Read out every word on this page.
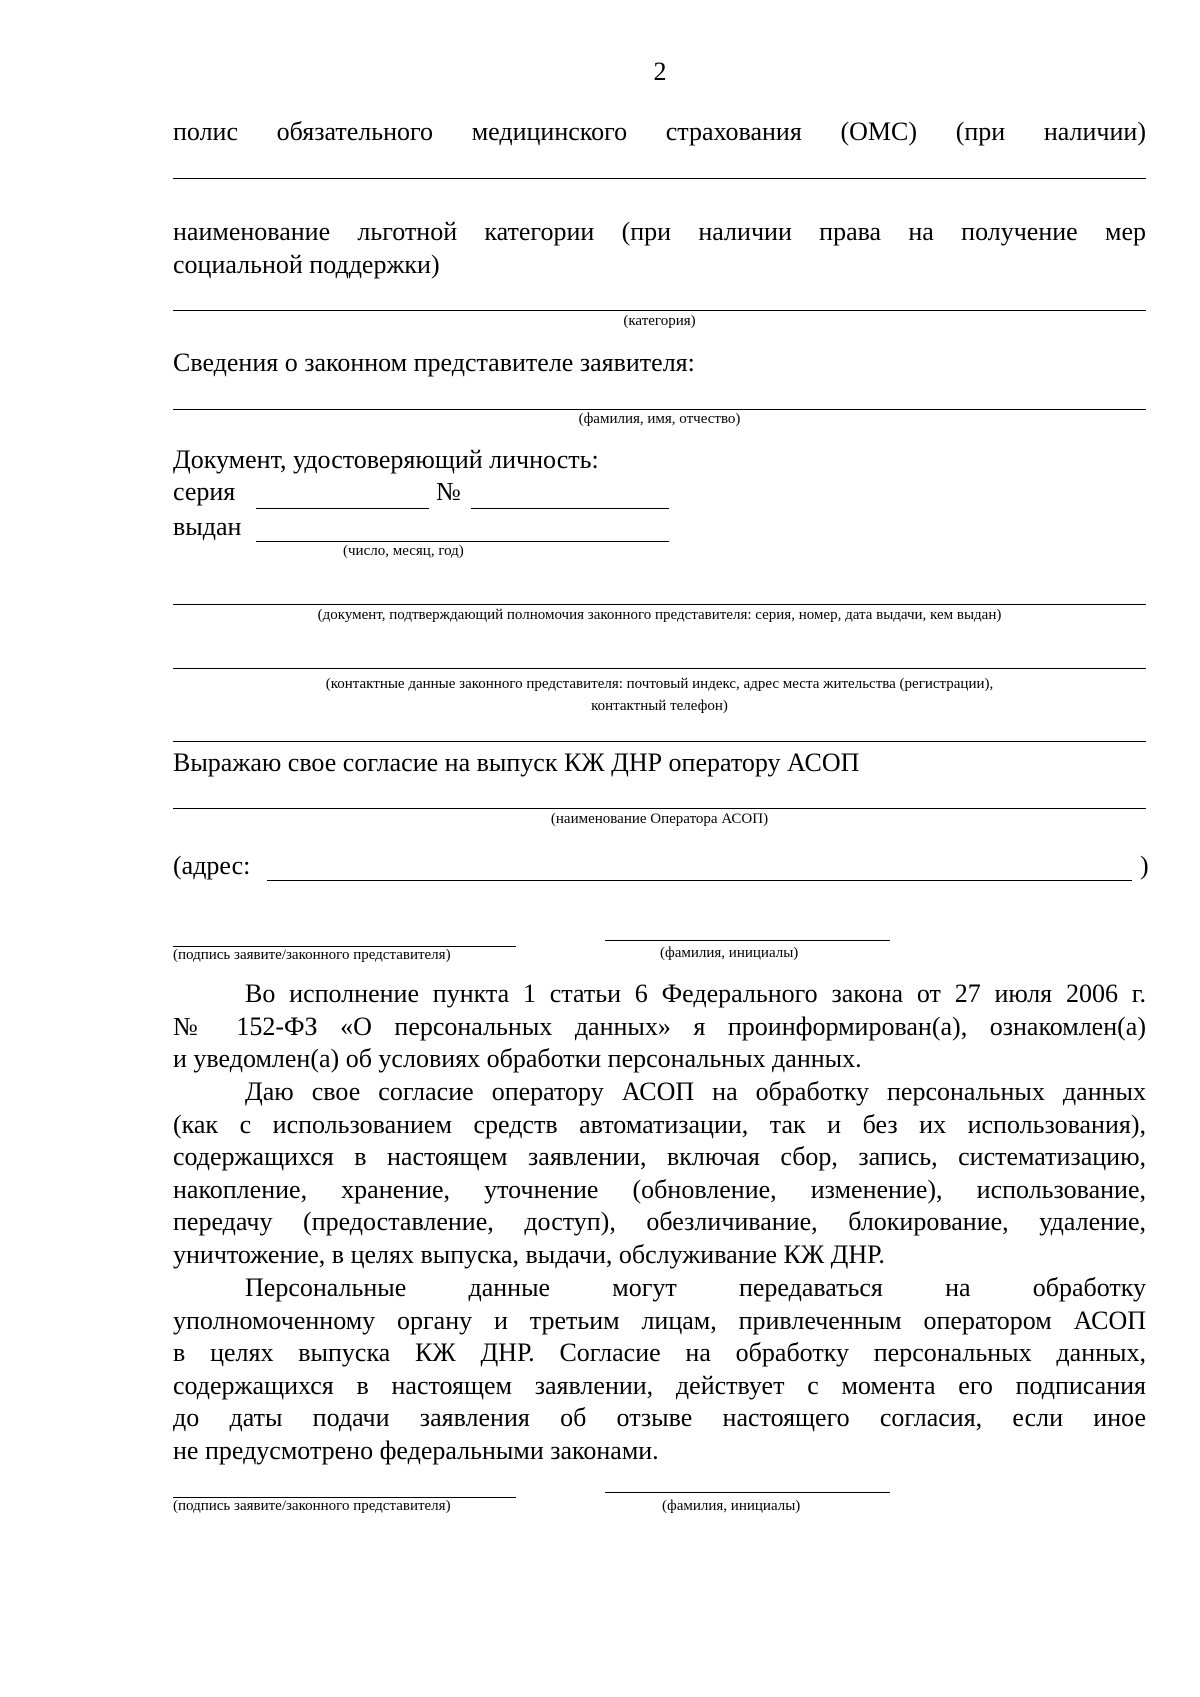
2
полис обязательного медицинского страхования (ОМС) (при наличии)
наименование льготной категории (при наличии права на получение мер
социальной поддержки)
(категория)
Сведения о законном представителе заявителя:
(фамилия, имя, отчество)
Документ, удостоверяющий личность:
серия	№
выдан
(число, месяц, год)
(документ, подтверждающий полномочия законного представителя: серия, номер, дата выдачи, кем выдан)
(контактные данные законного представителя: почтовый индекс, адрес места жительства (регистрации),
контактный телефон)
Выражаю свое согласие на выпуск КЖ ДНР оператору АСОП
(наименование Оператора АСОП)
(адрес:	)
(подпись заявите/законного представителя)	(фамилия, инициалы)
Во исполнение пункта 1 статьи 6 Федерального закона от 27 июля 2006 г.
№ 152-ФЗ «О персональных данных» я проинформирован(а), ознакомлен(а)
и уведомлен(а) об условиях обработки персональных данных.
Даю свое согласие оператору АСОП на обработку персональных данных
(как с использованием средств автоматизации, так и без их использования),
содержащихся в настоящем заявлении, включая сбор, запись, систематизацию,
накопление, хранение, уточнение (обновление, изменение), использование,
передачу (предоставление, доступ), обезличивание, блокирование, удаление,
уничтожение, в целях выпуска, выдачи, обслуживание КЖ ДНР.
Персональные данные могут передаваться на обработку
уполномоченному органу и третьим лицам, привлеченным оператором АСОП
в целях выпуска КЖ ДНР. Согласие на обработку персональных данных,
содержащихся в настоящем заявлении, действует с момента его подписания
до даты подачи заявления об отзыве настоящего согласия, если иное
не предусмотрено федеральными законами.
(подпись заявите/законного представителя)	(фамилия, инициалы)
